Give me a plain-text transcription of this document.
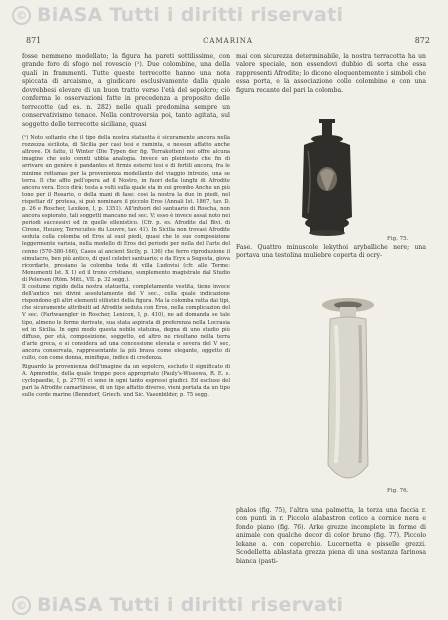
© BiASA Tutti i diritti riservati
871	CAMARINA	872

fosse nemmeno modellato; la figura ha pareti sottilissime, con grande foro di sfogo nel rovescio (¹). Due colombine, una della quali in frammenti. Tutte queste terrecotte hanno una nota spiccata di arcaismo, a giudicare esclusivamente dalla quale dovrebbesi elevare di un buon tratto verso l'età del sepolcro; ciò conferma le osservazioni fatte in precedenza a proposito delle terrecotte (ad es. n. 282) nelle quali predomina sempre un conservativismo tenace. Nella controversia poi, tanto agitata, sul soggetto delle terrecotte siciliane, quasi

(¹) Noto soltanto che il tipo della nostra statuetta è sicuramente ancora nella rozzezza siciliota, di Sicilia per casi tesi e raminta, e nessun affatto anche altrove. Di fatto, il Winter (Die Typen der fig. Terrakotten) noi offre alcuna imagine che solo cennti ubbia analogia. Invece un pleintesto che fin di arrivare un genère è pandantes et firmis esterni tesi e di fertili ancora, fra le minime rottamas per la provenienza modellanto del viaggio intrezio, una se terra. Il che affio pell'opera ad il Nostro, in fuori della lunghi di Afrodite ancora vera. Ecco dirà: testa a volti sulla quale sta in sui grembo Anche un più tono per il Rosario, o della mani di fase: cosi la nostra la due in piedi, nel rispettar di' protesa, si può nominare il piccolo Eros (Annali Ist. 1867, tav. D. p. 26 e Roscher, Lexikon, I, p. 1351). All'infuori del santuario di Roscha, non ancora espiorato, tali soggetti mancano nel sec. V; esso è invece assai noto nei periodi successivi ed in quelle ellenistico. (Cfr. p. es. Afrodite dal Bivi. di Cirene, Heuzey, Terrecuites du Louvre, tav. 41). In Sicilia non trovasi Afrodite seduta colla colomba od Eros al suol piedi, quasi che le sue composizione leggermente varieia, nella modello di Eros del periodo per nella del l'arte del cenno (570-380-166), Casos al ancient Sicily, p. 136) che ferro riproduzione il simulacro, ben più antico, di quel celebri santuario; e da Eryx a Segesta, giova ricordarlo, presiano la colomba teda di villa Ludovisi (cfr. alle Terme: Monumenti Ist. X 1) ed il trono cristiano, sunplemento magistrale dal Studio di Pelersen (Röm. Mitt., VII. p. 32 segg.).

Il costume rigido della nostra statuetta, completamente vestita, tiene invece dell'antico nei divini assolutamente del V sec., cella quale indicazione rispondono gli altri elementi stilistici della figura. Ma la colomba ratta dai tipi, che sicuramente attribuiti ad Afrodite seduta con Eros, nella complicazion del V sec. (Fartwaengler in Roscher, Lexicon, I, p. 410), ne ad domanda se tale tipo, almeno le forme derivate, sua stata aspirata di preferenza nella Locrasia ed in Sicilia. In ogni modo questa nobile statuina, degna di uno studio più diffuso, per età, composizione, soggetto, ed altro ne risultano nella terra d'arte greca, e si considera ad una concessione elevata e severa del V sec, ancora conservata, rappresentante la più brava come elegante, oggetto di culto, con come donna, minifique, indice di credenza.

Riguardo la provenienza dell'imagine da un sepolcro, escludo il significato di A. Apmrodite, della quale troppo poco appropriato (Pauly's-Wissowa, R. E. s. cyclopaedie, I, p. 2779) ci sono in ogni tanto espressi giudici. Ed escluso del pari la Afrodite camartinese, di un tipo affatto diverso, vieni portata da un tipo sulle corde marine (Benndorf, Griech. und Sic. Vasenbilder, p. 75 segg.

mai con sicurezza determinabile, la nostra terracotta ha un valore speciale, non essendovi dubbio di sorta che essa rappresenti Afrodite; lo dicono eloquentemente i simboli che essa porta, e la associazione colle colombine e con una figura recante del pari la colomba.

Fig. 75.
Fase. Quattro minuscole lekythoi aryballiche nere; una portava una testolina muliebre coperta di ocry-
Fig. 76.

phalos (fig. 75), l'altra una palmetta, la terza una faccia r. con punti in r. Piccolo alabastron cotico a cornice nera e fondo piano (fig. 76). Arke grezze incomplete in forme di animale con qualche decor di color bruno (fig. 77). Piccolo lekane a. con coperchio. Lucernetta e pisselle grezzi. Scodelletta ablastata grezza piena di una sostanza farinosa bianca (pasti-

© BiASA Tutti i diritti riservati
